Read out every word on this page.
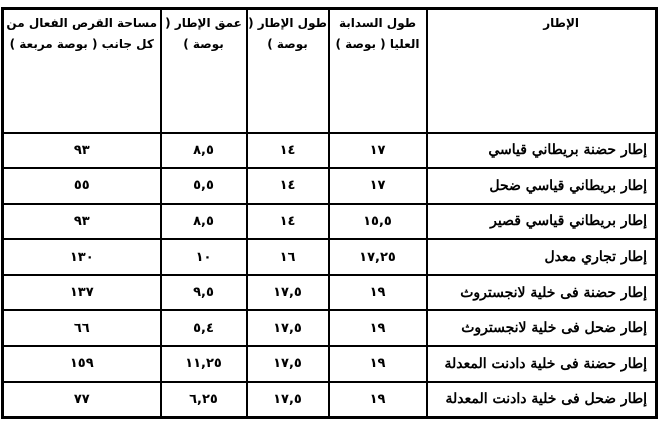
الإطار	طول السدابة العليا ( بوصة )	طول الإطار ( بوصة )	عمق الإطار ( بوصة )	مساحة القرص الفعال من كل جانب ( بوصة مربعة )
إطار حضنة بريطاني قياسي	١٧	١٤	٨,٥	٩٣
إطار بريطاني قياسي ضحل	١٧	١٤	٥,٥	٥٥
إطار بريطاني قياسي قصير	١٥,٥	١٤	٨,٥	٩٣
إطار تجاري معدل	١٧,٢٥	١٦	١٠	١٣٠
إطار حضنة فى خلية لانجستروث	١٩	١٧,٥	٩,٥	١٣٧
إطار ضحل فى خلية لانجستروث	١٩	١٧,٥	٥,٤	٦٦
إطار حضنة فى خلية دادنت المعدلة	١٩	١٧,٥	١١,٢٥	١٥٩
إطار ضحل فى خلية دادنت المعدلة	١٩	١٧,٥	٦,٢٥	٧٧
